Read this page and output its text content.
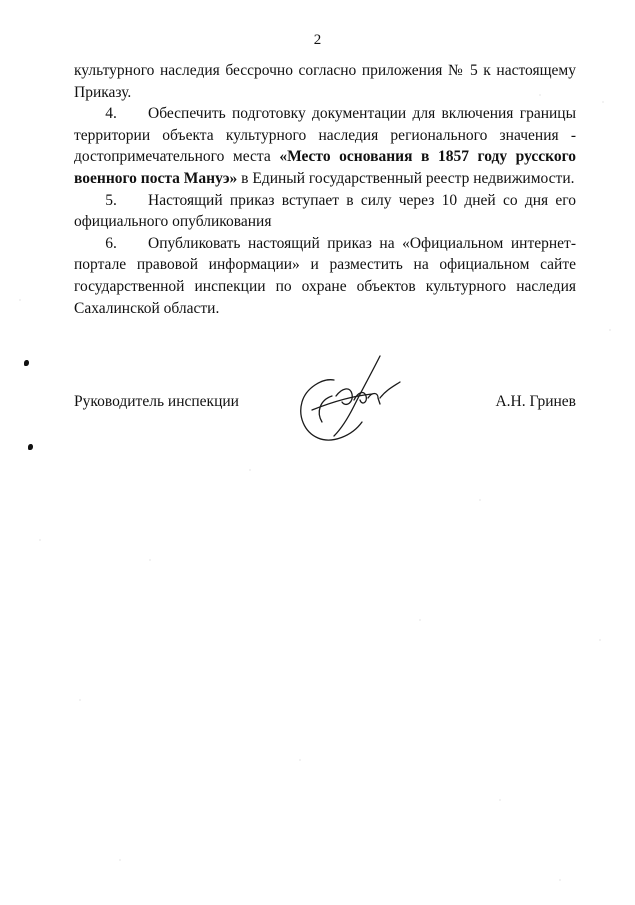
2

культурного наследия бессрочно согласно приложения № 5 к настоящему Приказу.

4. Обеспечить подготовку документации для включения границы территории объекта культурного наследия регионального значения - достопримечательного места «Место основания в 1857 году русского военного поста Мануэ» в Единый государственный реестр недвижимости.

5. Настоящий приказ вступает в силу через 10 дней со дня его официального опубликования

6. Опубликовать настоящий приказ на «Официальном интернет-портале правовой информации» и разместить на официальном сайте государственной инспекции по охране объектов культурного наследия Сахалинской области.

Руководитель инспекции	А.Н. Гринев
